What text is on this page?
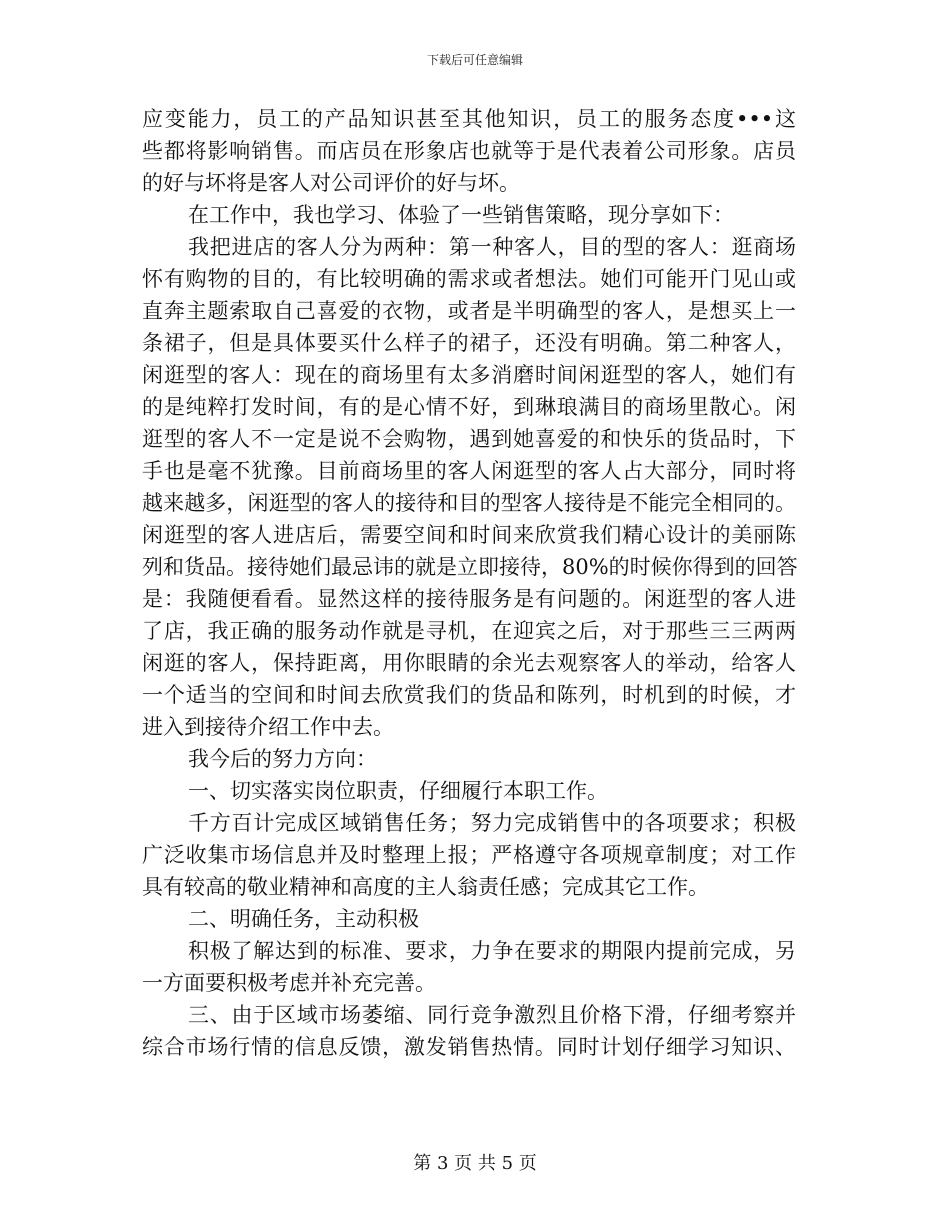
下载后可任意编辑
应变能力，员工的产品知识甚至其他知识，员工的服务态度•••这
些都将影响销售。而店员在形象店也就等于是代表着公司形象。店员
的好与坏将是客人对公司评价的好与坏。
在工作中，我也学习、体验了一些销售策略，现分享如下：
我把进店的客人分为两种：第一种客人，目的型的客人：逛商场
怀有购物的目的，有比较明确的需求或者想法。她们可能开门见山或
直奔主题索取自己喜爱的衣物，或者是半明确型的客人，是想买上一
条裙子，但是具体要买什么样子的裙子，还没有明确。第二种客人，
闲逛型的客人：现在的商场里有太多消磨时间闲逛型的客人，她们有
的是纯粹打发时间，有的是心情不好，到琳琅满目的商场里散心。闲
逛型的客人不一定是说不会购物，遇到她喜爱的和快乐的货品时，下
手也是毫不犹豫。目前商场里的客人闲逛型的客人占大部分，同时将
越来越多，闲逛型的客人的接待和目的型客人接待是不能完全相同的。
闲逛型的客人进店后，需要空间和时间来欣赏我们精心设计的美丽陈
列和货品。接待她们最忌讳的就是立即接待，80%的时候你得到的回答
是：我随便看看。显然这样的接待服务是有问题的。闲逛型的客人进
了店，我正确的服务动作就是寻机，在迎宾之后，对于那些三三两两
闲逛的客人，保持距离，用你眼睛的余光去观察客人的举动，给客人
一个适当的空间和时间去欣赏我们的货品和陈列，时机到的时候，才
进入到接待介绍工作中去。
我今后的努力方向：
一、切实落实岗位职责，仔细履行本职工作。
千方百计完成区域销售任务；努力完成销售中的各项要求；积极
广泛收集市场信息并及时整理上报；严格遵守各项规章制度；对工作
具有较高的敬业精神和高度的主人翁责任感；完成其它工作。
二、明确任务，主动积极
积极了解达到的标准、要求，力争在要求的期限内提前完成，另
一方面要积极考虑并补充完善。
三、由于区域市场萎缩、同行竞争激烈且价格下滑，仔细考察并
综合市场行情的信息反馈，激发销售热情。同时计划仔细学习知识、
第 3 页 共 5 页
